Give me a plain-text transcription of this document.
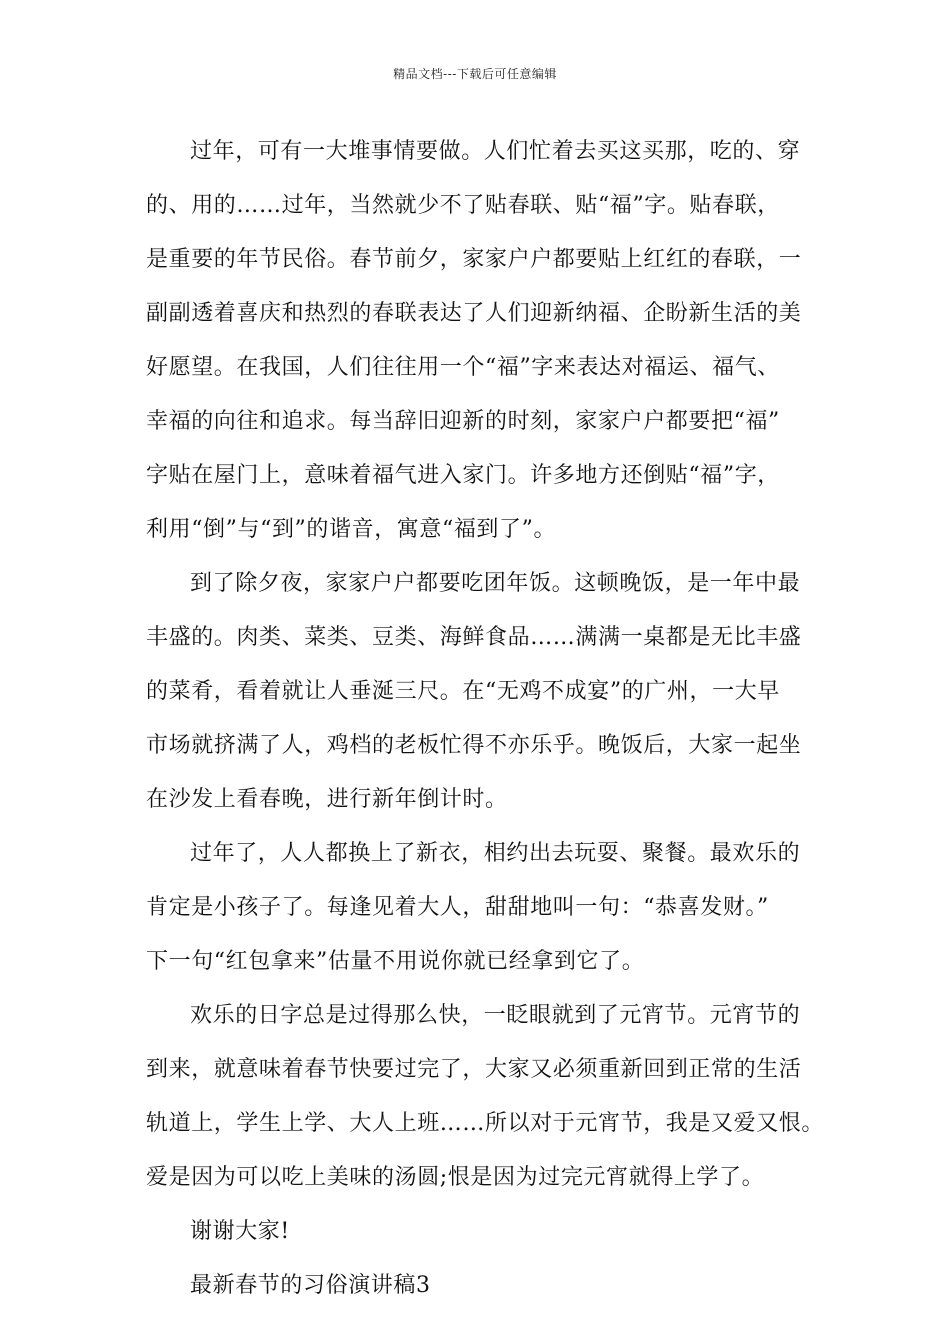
精品文档---下载后可任意编辑
过年，可有一大堆事情要做。人们忙着去买这买那，吃的、穿
的、用的……过年，当然就少不了贴春联、贴“福”字。贴春联，
是重要的年节民俗。春节前夕，家家户户都要贴上红红的春联，一
副副透着喜庆和热烈的春联表达了人们迎新纳福、企盼新生活的美
好愿望。在我国，人们往往用一个“福”字来表达对福运、福气、
幸福的向往和追求。每当辞旧迎新的时刻，家家户户都要把“福”
字贴在屋门上，意味着福气进入家门。许多地方还倒贴“福”字，
利用“倒”与“到”的谐音，寓意“福到了”。
到了除夕夜，家家户户都要吃团年饭。这顿晚饭，是一年中最
丰盛的。肉类、菜类、豆类、海鲜食品……满满一桌都是无比丰盛
的菜肴，看着就让人垂涎三尺。在“无鸡不成宴”的广州，一大早
市场就挤满了人，鸡档的老板忙得不亦乐乎。晚饭后，大家一起坐
在沙发上看春晚，进行新年倒计时。
过年了，人人都换上了新衣，相约出去玩耍、聚餐。最欢乐的
肯定是小孩子了。每逢见着大人，甜甜地叫一句：“恭喜发财。”
下一句“红包拿来”估量不用说你就已经拿到它了。
欢乐的日字总是过得那么快，一眨眼就到了元宵节。元宵节的
到来，就意味着春节快要过完了，大家又必须重新回到正常的生活
轨道上，学生上学、大人上班……所以对于元宵节，我是又爱又恨。
爱是因为可以吃上美味的汤圆;恨是因为过完元宵就得上学了。
谢谢大家!
最新春节的习俗演讲稿3
